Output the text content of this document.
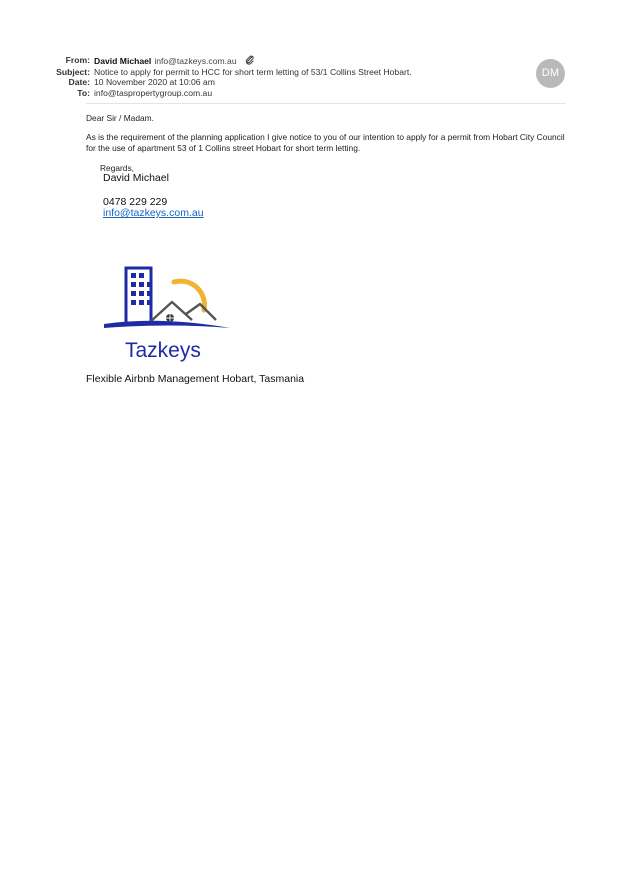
From: David Michael info@tazkeys.com.au
Subject: Notice to apply for permit to HCC for short term letting of 53/1 Collins Street Hobart.
Date: 10 November 2020 at 10:06 am
To: info@taspropertygroup.com.au
DM
Dear Sir / Madam.
As is the requirement of the planning application I give notice to you of our intention to apply for a permit from Hobart City Council
for the use of apartment 53 of 1 Collins street Hobart for short term letting.
Regards,
David Michael
0478 229 229
info@tazkeys.com.au
Tazkeys
Flexible Airbnb Management Hobart, Tasmania
